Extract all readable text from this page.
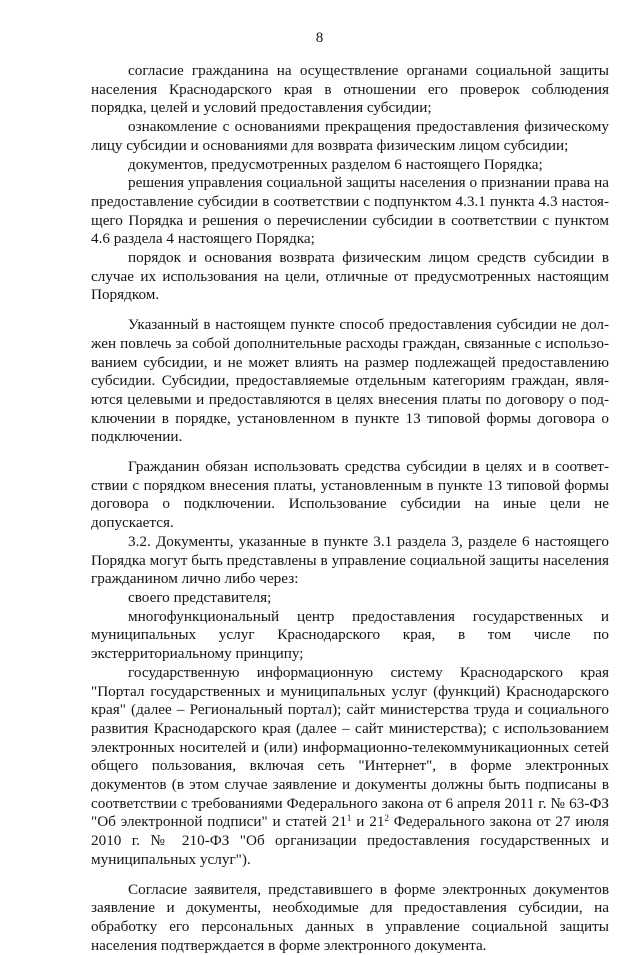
8

согласие гражданина на осуществление органами социальной защиты населения Краснодарского края в отношении его проверок соблюдения порядка, целей и условий предоставления субсидии;

ознакомление с основаниями прекращения предоставления физическому лицу субсидии и основаниями для возврата физическим лицом субсидии;

документов, предусмотренных разделом 6 настоящего Порядка;

решения управления социальной защиты населения о признании права на предоставление субсидии в соответствии с подпунктом 4.3.1 пункта 4.3 настоящего Порядка и решения о перечислении субсидии в соответствии с пунктом 4.6 раздела 4 настоящего Порядка;

порядок и основания возврата физическим лицом средств субсидии в случае их использования на цели, отличные от предусмотренных настоящим Порядком.

Указанный в настоящем пункте способ предоставления субсидии не должен повлечь за собой дополнительные расходы граждан, связанные с использованием субсидии, и не может влиять на размер подлежащей предоставлению субсидии. Субсидии, предоставляемые отдельным категориям граждан, являются целевыми и предоставляются в целях внесения платы по договору о подключении в порядке, установленном в пункте 13 типовой формы договора о подключении.

Гражданин обязан использовать средства субсидии в целях и в соответствии с порядком внесения платы, установленным в пункте 13 типовой формы договора о подключении. Использование субсидии на иные цели не допускается.

3.2. Документы, указанные в пункте 3.1 раздела 3, разделе 6 настоящего Порядка могут быть представлены в управление социальной защиты населения гражданином лично либо через:

своего представителя;

многофункциональный центр предоставления государственных и муниципальных услуг Краснодарского края, в том числе по экстерриториальному принципу;

государственную информационную систему Краснодарского края "Портал государственных и муниципальных услуг (функций) Краснодарского края" (далее – Региональный портал); сайт министерства труда и социального развития Краснодарского края (далее – сайт министерства); с использованием электронных носителей и (или) информационно-телекоммуникационных сетей общего пользования, включая сеть "Интернет", в форме электронных документов (в этом случае заявление и документы должны быть подписаны в соответствии с требованиями Федерального закона от 6 апреля 2011 г. № 63-ФЗ "Об электронной подписи" и статей $21^1$ и $21^2$ Федерального закона от 27 июля 2010 г. № 210-ФЗ "Об организации предоставления государственных и муниципальных услуг").

Согласие заявителя, представившего в форме электронных документов заявление и документы, необходимые для предоставления субсидии, на обработку его персональных данных в управление социальной защиты населения подтверждается в форме электронного документа.
